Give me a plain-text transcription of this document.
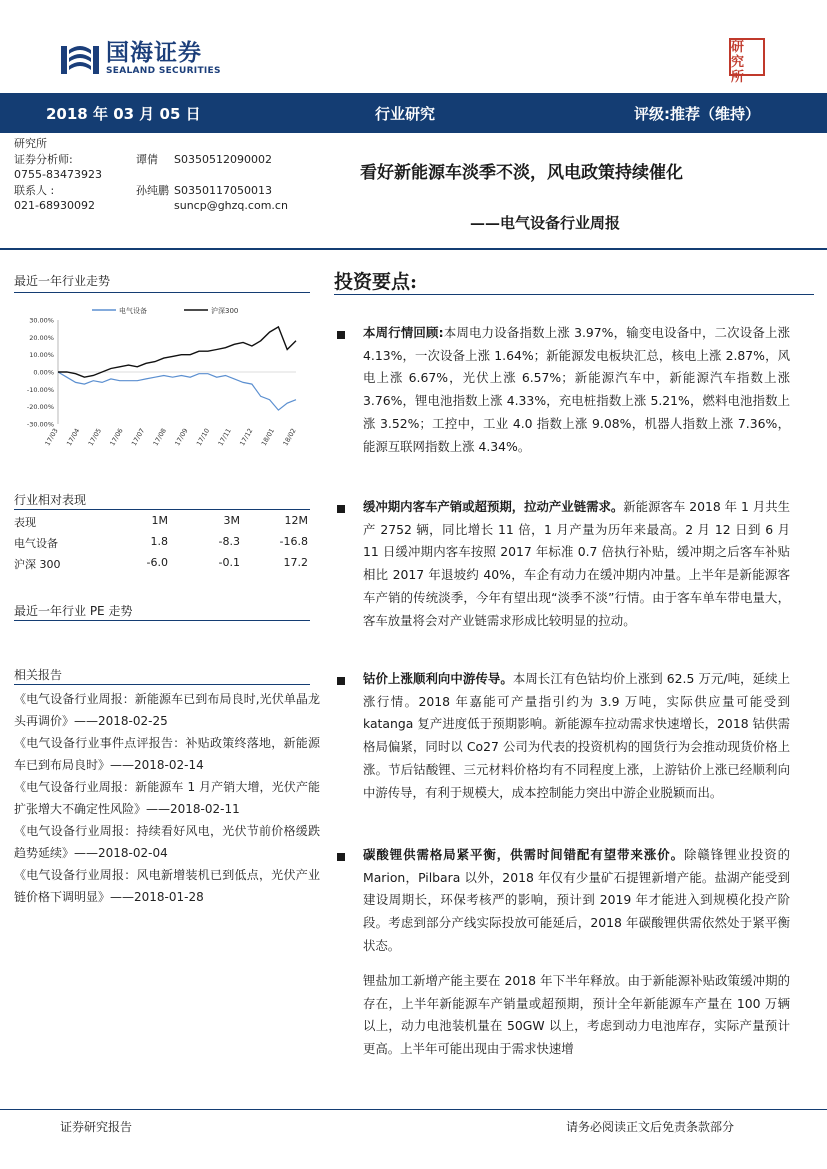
国海证券
SEALAND SECURITIES
研究所
2018 年 03 月 05 日	行业研究	评级:推荐（维持）
研究所
证券分析师:	谭倩 S0350512090002
0755-83473923
联系人 :	孙纯鹏 S0350117050013
021-68930092	suncp@ghzq.com.cn
看好新能源车淡季不淡，风电政策持续催化
——电气设备行业周报
最近一年行业走势
电气设备	沪深300
30.00%
20.00%
10.00%
0.00%
-10.00%
-20.00%
-30.00%
17/03 17/04 17/05 17/06 17/07 17/08 17/09 17/10 17/11 17/12 18/01 18/02
行业相对表现
表现	1M	3M	12M
电气设备	1.8	-8.3	-16.8
沪深 300	-6.0	-0.1	17.2
最近一年行业 PE 走势
相关报告

《电气设备行业周报：新能源车已到布局良时,光伏单晶龙头再调价》——2018-02-25

《电气设备行业事件点评报告：补贴政策终落地，新能源车已到布局良时》——2018-02-14

《电气设备行业周报：新能源车 1 月产销大增，光伏产能扩张增大不确定性风险》——2018-02-11

《电气设备行业周报：持续看好风电，光伏节前价格缓跌趋势延续》——2018-02-04

《电气设备行业周报：风电新增装机已到低点，光伏产业链价格下调明显》——2018-01-28

投资要点:
本周行情回顾:本周电力设备指数上涨 3.97%，输变电设备中，二次设备上涨 4.13%，一次设备上涨 1.64%；新能源发电板块汇总，核电上涨 2.87%，风电上涨 6.67%，光伏上涨 6.57%；新能源汽车中，新能源汽车指数上涨 3.76%，锂电池指数上涨 4.33%，充电桩指数上涨 5.21%，燃料电池指数上涨 3.52%；工控中，工业 4.0 指数上涨 9.08%，机器人指数上涨 7.36%，能源互联网指数上涨 4.34%。
缓冲期内客车产销或超预期，拉动产业链需求。新能源客车 2018 年 1 月共生产 2752 辆，同比增长 11 倍，1 月产量为历年来最高。2 月 12 日到 6 月 11 日缓冲期内客车按照 2017 年标准 0.7 倍执行补贴，缓冲期之后客车补贴相比 2017 年退坡约 40%，车企有动力在缓冲期内冲量。上半年是新能源客车产销的传统淡季，今年有望出现“淡季不淡”行情。由于客车单车带电量大，客车放量将会对产业链需求形成比较明显的拉动。
钴价上涨顺利向中游传导。本周长江有色钴均价上涨到 62.5 万元/吨，延续上涨行情。2018 年嘉能可产量指引约为 3.9 万吨，实际供应量可能受到 katanga 复产进度低于预期影响。新能源车拉动需求快速增长，2018 钴供需格局偏紧，同时以 Co27 公司为代表的投资机构的囤货行为会推动现货价格上涨。节后钴酸锂、三元材料价格均有不同程度上涨，上游钴价上涨已经顺利向中游传导，有利于规模大，成本控制能力突出中游企业脱颖而出。
碳酸锂供需格局紧平衡，供需时间错配有望带来涨价。除赣锋锂业投资的 Marion，Pilbara 以外，2018 年仅有少量矿石提锂新增产能。盐湖产能受到建设周期长，环保考核严的影响，预计到 2019 年才能进入到规模化投产阶段。考虑到部分产线实际投放可能延后，2018 年碳酸锂供需依然处于紧平衡状态。
锂盐加工新增产能主要在 2018 年下半年释放。由于新能源补贴政策缓冲期的存在，上半年新能源车产销量或超预期，预计全年新能源车产量在 100 万辆以上，动力电池装机量在 50GW 以上，考虑到动力电池库存，实际产量预计更高。上半年可能出现由于需求快速增
证券研究报告	请务必阅读正文后免责条款部分
